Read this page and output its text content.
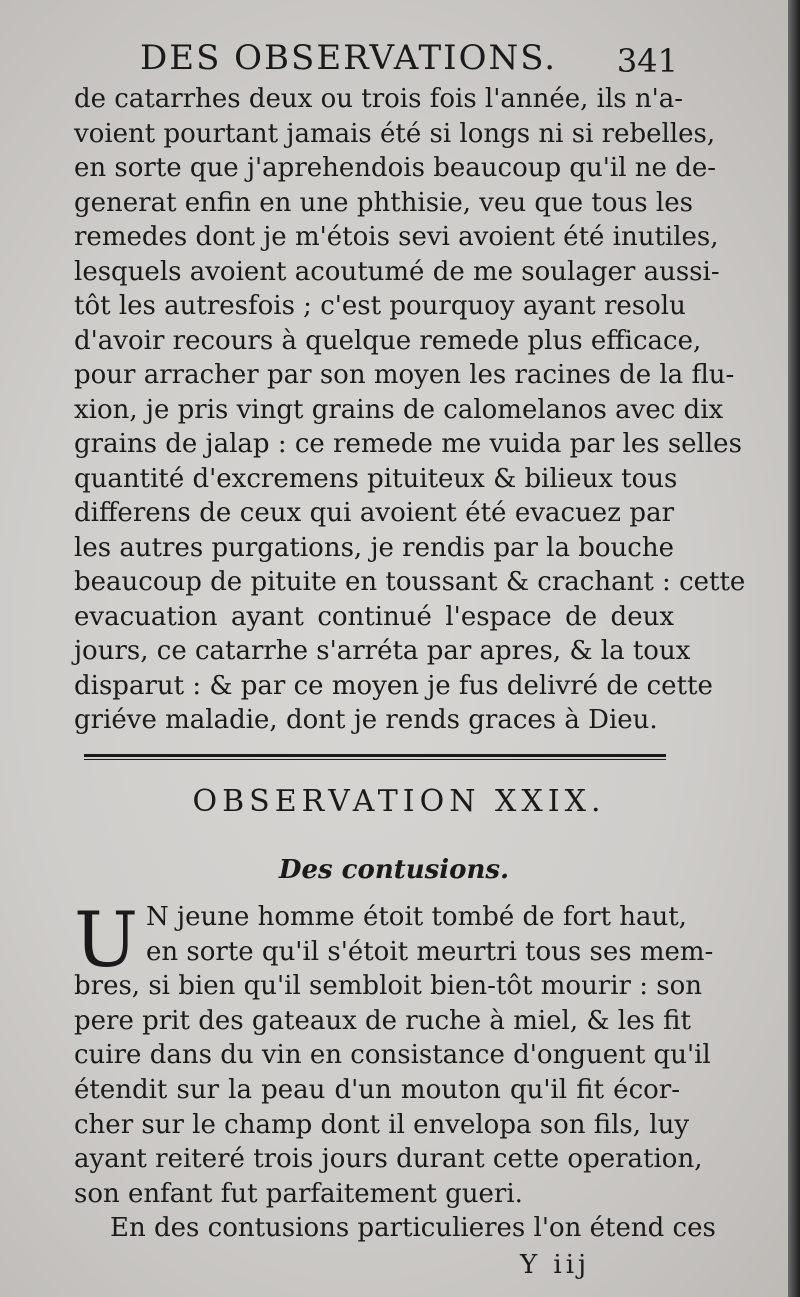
DES OBSERVATIONS. 341
de catarrhes deux ou trois fois l'année, ils n'a-
voient pourtant jamais été si longs ni si rebelles,
en sorte que j'aprehendois beaucoup qu'il ne de-
generat enfin en une phthisie, veu que tous les
remedes dont je m'étois sevi avoient été inutiles,
lesquels avoient acoutumé de me soulager aussi-
tôt les autresfois ; c'est pourquoy ayant resolu
d'avoir recours à quelque remede plus efficace,
pour arracher par son moyen les racines de la flu-
xion, je pris vingt grains de calomelanos avec dix
grains de jalap : ce remede me vuida par les selles
quantité d'excremens pituiteux & bilieux tous
differens de ceux qui avoient été evacuez par
les autres purgations, je rendis par la bouche
beaucoup de pituite en toussant & crachant : cette
evacuation ayant continué l'espace de deux
jours, ce catarrhe s'arréta par apres, & la toux
disparut : & par ce moyen je fus delivré de cette
griéve maladie, dont je rends graces à Dieu.
OBSERVATION XXIX.
Des contusions.
U N jeune homme étoit tombé de fort haut,
en sorte qu'il s'étoit meurtri tous ses mem-
bres, si bien qu'il sembloit bien-tôt mourir : son
pere prit des gateaux de ruche à miel, & les fit
cuire dans du vin en consistance d'onguent qu'il
étendit sur la peau d'un mouton qu'il fit écor-
cher sur le champ dont il envelopa son fils, luy
ayant reiteré trois jours durant cette operation,
son enfant fut parfaitement gueri.
En des contusions particulieres l'on étend ces
Y iij
